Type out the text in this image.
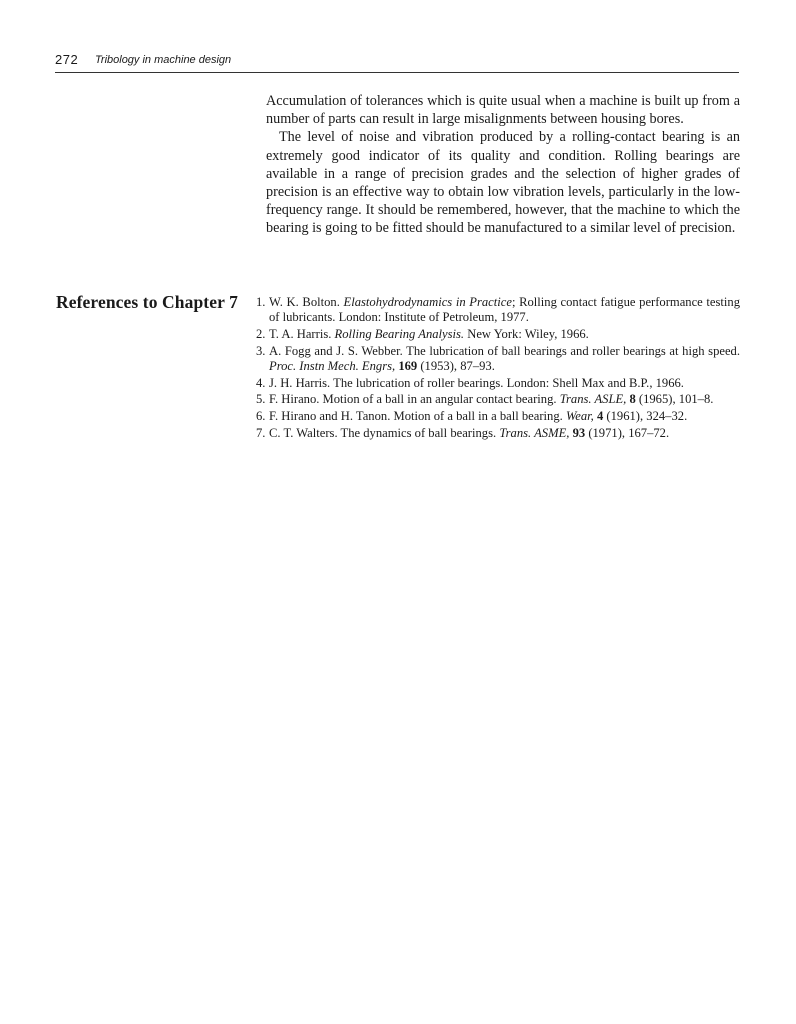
272 Tribology in machine design

Accumulation of tolerances which is quite usual when a machine is built up from a number of parts can result in large misalignments between housing bores.

The level of noise and vibration produced by a rolling-contact bearing is an extremely good indicator of its quality and condition. Rolling bearings are available in a range of precision grades and the selection of higher grades of precision is an effective way to obtain low vibration levels, particularly in the low-frequency range. It should be remembered, however, that the machine to which the bearing is going to be fitted should be manufactured to a similar level of precision.

References to Chapter 7 1. W. K. Bolton. Elastohydrodynamics in Practice; Rolling contact fatigue performance testing of lubricants. London: Institute of Petroleum, 1977.
2. T. A. Harris. Rolling Bearing Analysis. New York: Wiley, 1966.
3. A. Fogg and J. S. Webber. The lubrication of ball bearings and roller bearings at high speed. Proc. Instn Mech. Engrs, 169 (1953), 87–93.
4. J. H. Harris. The lubrication of roller bearings. London: Shell Max and B.P., 1966.
5. F. Hirano. Motion of a ball in an angular contact bearing. Trans. ASLE, 8 (1965), 101–8.
6. F. Hirano and H. Tanon. Motion of a ball in a ball bearing. Wear, 4 (1961), 324–32.
7. C. T. Walters. The dynamics of ball bearings. Trans. ASME, 93 (1971), 167–72.
